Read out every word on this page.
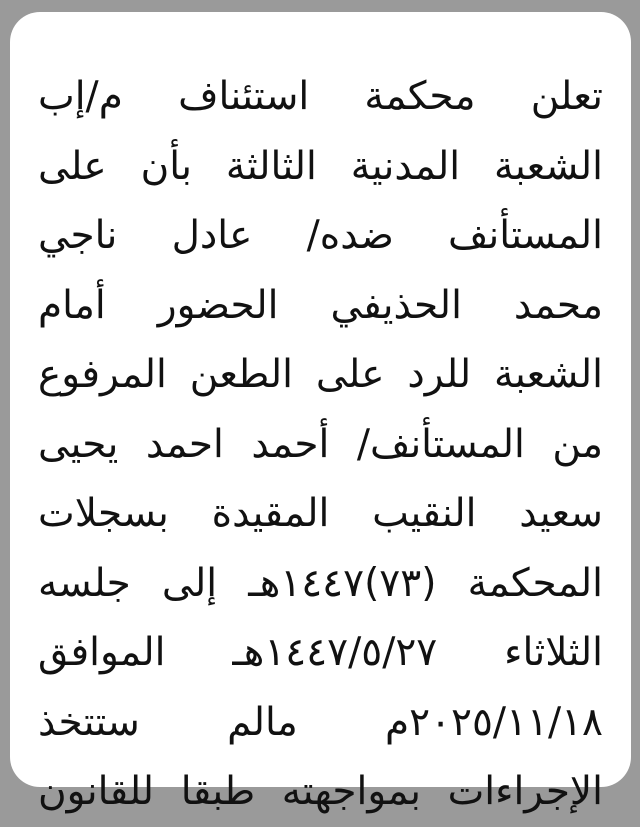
تعلن محكمة استئناف م/إب
الشعبة المدنية الثالثة بأن على
المستأنف ضده/ عادل ناجي
محمد الحذيفي الحضور أمام
الشعبة للرد على الطعن المرفوع
من المستأنف/ أحمد احمد يحيى
سعيد النقيب المقيدة بسجلات
المحكمة (٧٣)١٤٤٧هـ إلى جلسه
الثلاثاء ١٤٤٧/٥/٢٧هـ الموافق
٢٠٢٥/١١/١٨م مالم ستتخذ
الإجراءات بمواجهته طبقا للقانون
